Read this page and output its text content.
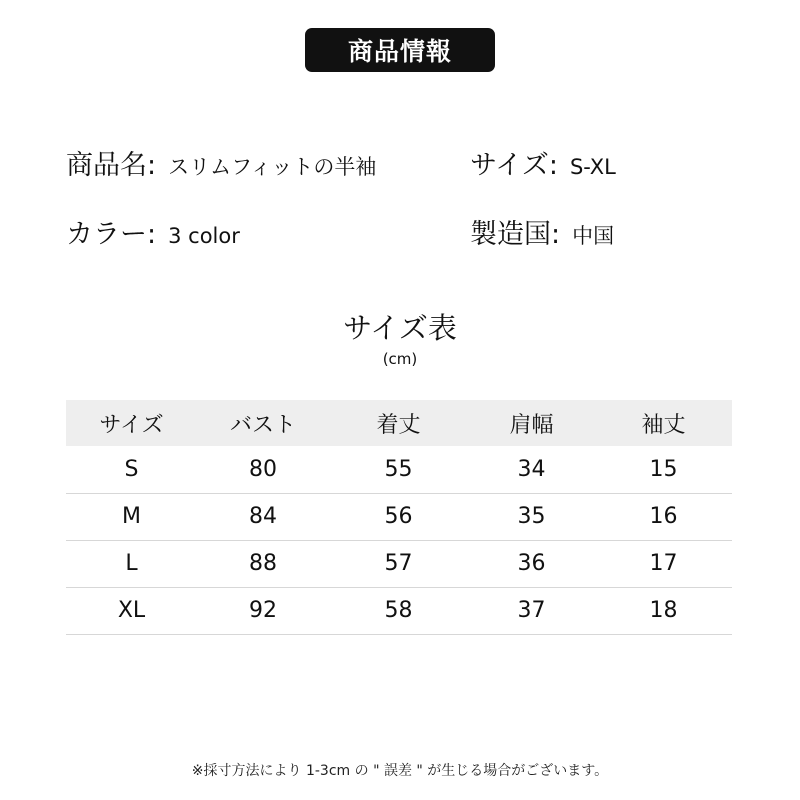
商品情報
商品名: スリムフィットの半袖	サイズ: S-XL
カラー: 3 color	製造国: 中国
サイズ表
(cm)
サイズ	バスト	着丈	肩幅	袖丈
S	80	55	34	15
M	84	56	35	16
L	88	57	36	17
XL	92	58	37	18
※採寸方法により 1-3cm の " 誤差 " が生じる場合がございます。
